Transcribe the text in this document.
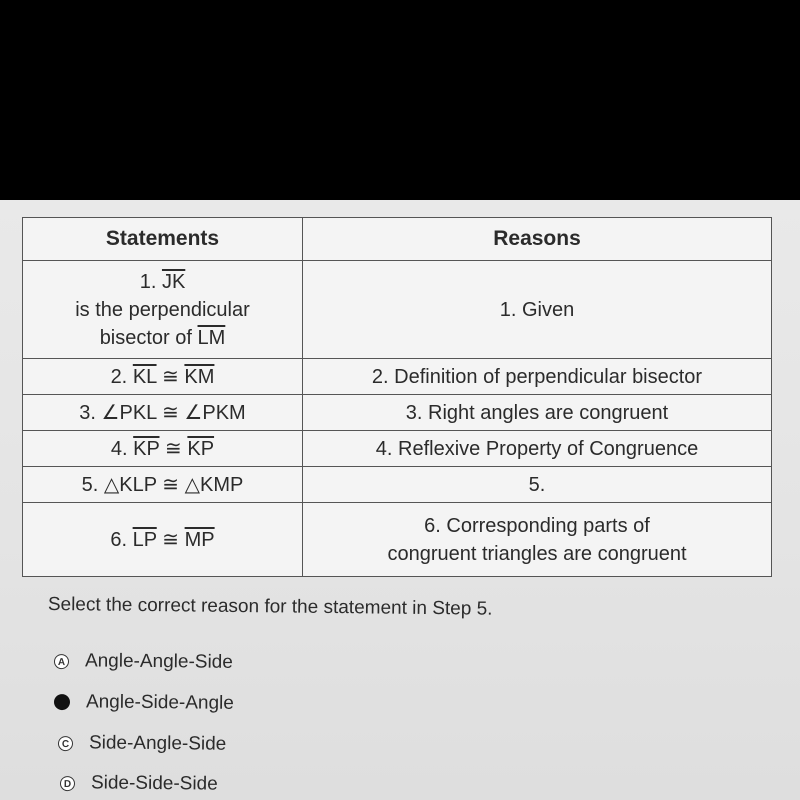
Statements	Reasons

1. $\overline{JK}$
is the perpendicular
bisector of $\overline{LM}$	1. Given
2. $\overline{KL}$ ≅ $\overline{KM}$	2. Definition of perpendicular bisector
3. ∠PKL ≅ ∠PKM	3. Right angles are congruent
4. $\overline{KP}$ ≅ $\overline{KP}$	4. Reflexive Property of Congruence
5. △KLP ≅ △KMP	5.
6. $\overline{LP}$ ≅ $\overline{MP}$	6. Corresponding parts of
congruent triangles are congruent
Select the correct reason for the statement in Step 5.
A Angle-Angle-Side
Angle-Side-Angle
C Side-Angle-Side
D Side-Side-Side
